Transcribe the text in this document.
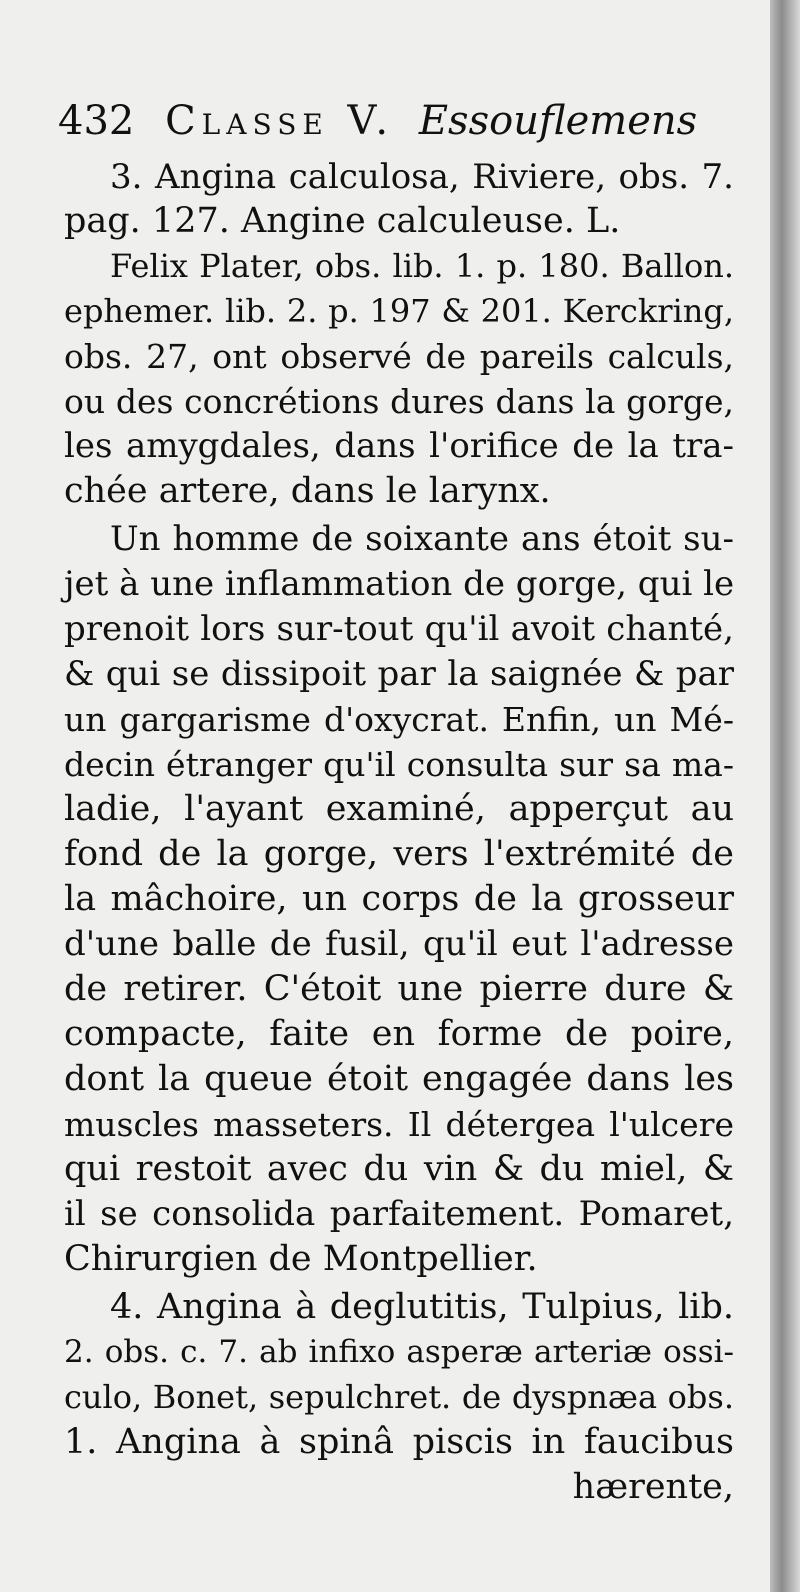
432 Classe V. Essouflemens
3. Angina calculosa, Riviere, obs. 7.
pag. 127. Angine calculeuse. L.
Felix Plater, obs. lib. 1. p. 180. Ballon.
ephemer. lib. 2. p. 197 & 201. Kerckring,
obs. 27, ont observé de pareils calculs,
ou des concrétions dures dans la gorge,
les amygdales, dans l'orifice de la tra-
chée artere, dans le larynx.
Un homme de soixante ans étoit su-
jet à une inflammation de gorge, qui le
prenoit lors sur-tout qu'il avoit chanté,
& qui se dissipoit par la saignée & par
un gargarisme d'oxycrat. Enfin, un Mé-
decin étranger qu'il consulta sur sa ma-
ladie, l'ayant examiné, apperçut au
fond de la gorge, vers l'extrémité de
la mâchoire, un corps de la grosseur
d'une balle de fusil, qu'il eut l'adresse
de retirer. C'étoit une pierre dure &
compacte, faite en forme de poire,
dont la queue étoit engagée dans les
muscles masseters. Il détergea l'ulcere
qui restoit avec du vin & du miel, &
il se consolida parfaitement. Pomaret,
Chirurgien de Montpellier.
4. Angina à deglutitis, Tulpius, lib.
2. obs. c. 7. ab infixo asperæ arteriæ ossi-
culo, Bonet, sepulchret. de dyspnæa obs.
1. Angina à spinâ piscis in faucibus
hærente,
